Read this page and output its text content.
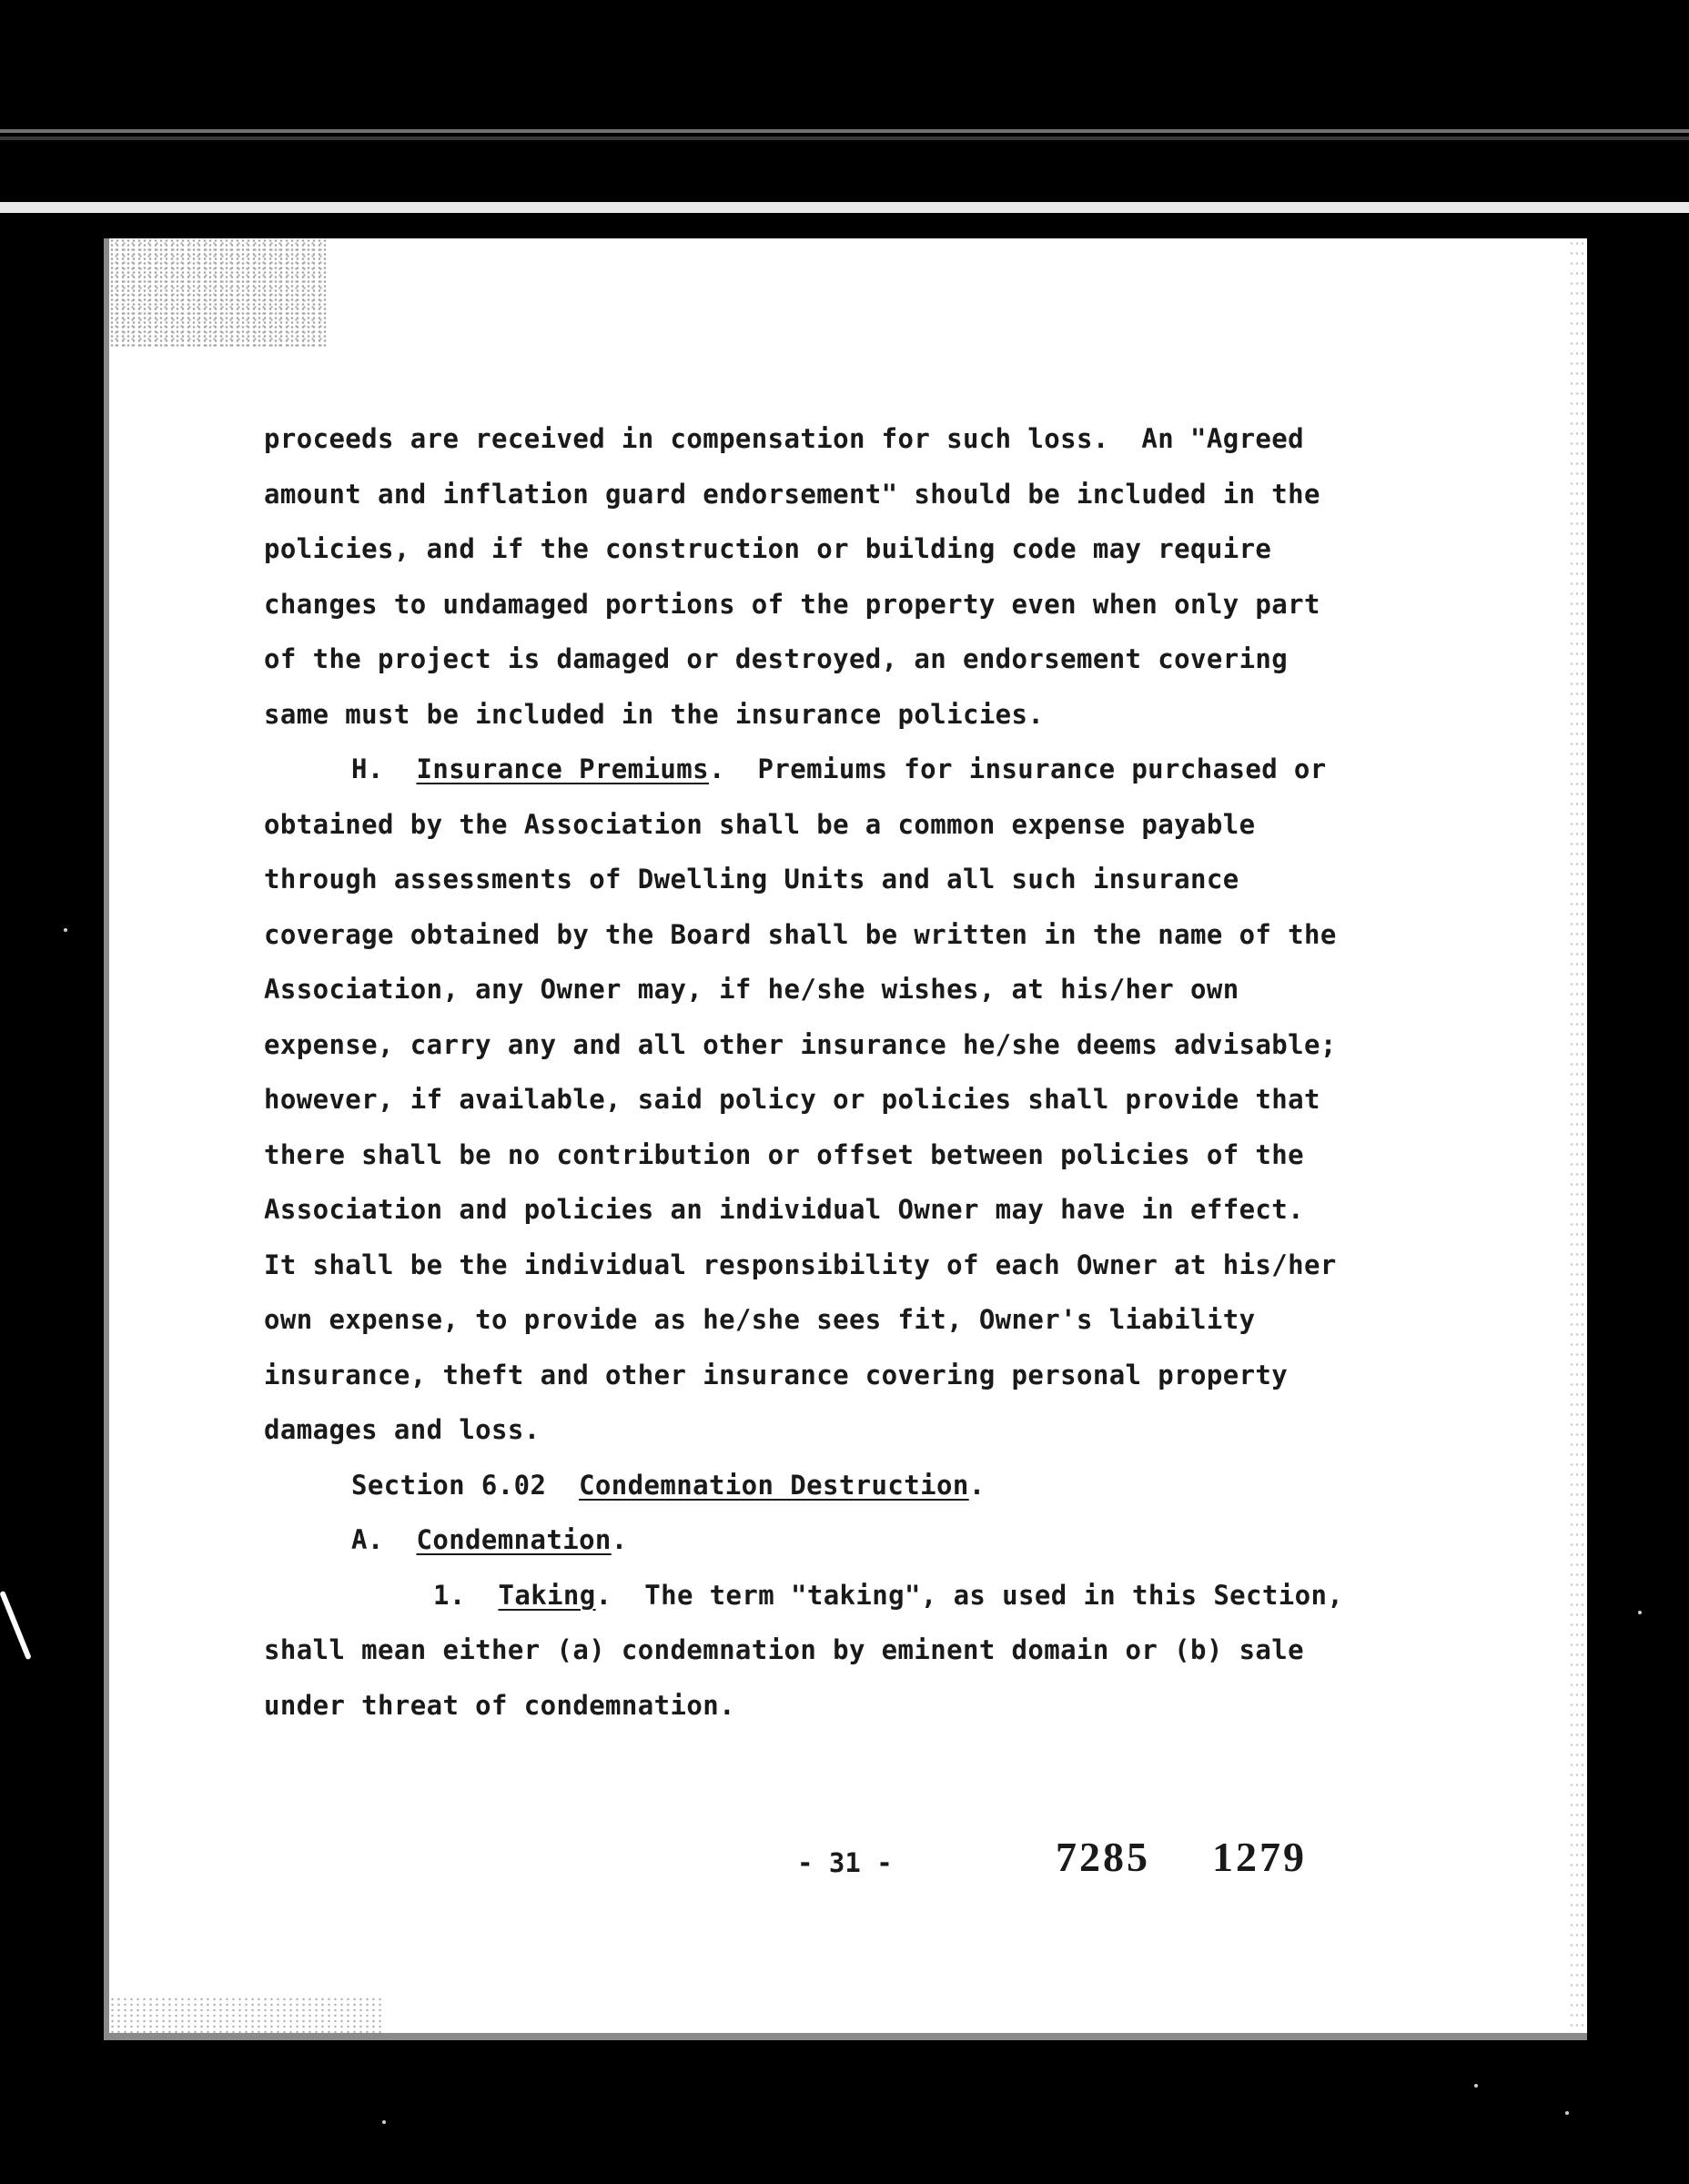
proceeds are received in compensation for such loss.  An "Agreed
amount and inflation guard endorsement" should be included in the
policies, and if the construction or building code may require
changes to undamaged portions of the property even when only part
of the project is damaged or destroyed, an endorsement covering
same must be included in the insurance policies.
H. Insurance Premiums.  Premiums for insurance purchased or
obtained by the Association shall be a common expense payable
through assessments of Dwelling Units and all such insurance
coverage obtained by the Board shall be written in the name of the
Association, any Owner may, if he/she wishes, at his/her own
expense, carry any and all other insurance he/she deems advisable;
however, if available, said policy or policies shall provide that
there shall be no contribution or offset between policies of the
Association and policies an individual Owner may have in effect.
It shall be the individual responsibility of each Owner at his/her
own expense, to provide as he/she sees fit, Owner's liability
insurance, theft and other insurance covering personal property
damages and loss.
Section 6.02 Condemnation Destruction.
A. Condemnation.
1. Taking.  The term "taking", as used in this Section,
shall mean either (a) condemnation by eminent domain or (b) sale
under threat of condemnation.
- 31 -	7285 1279
